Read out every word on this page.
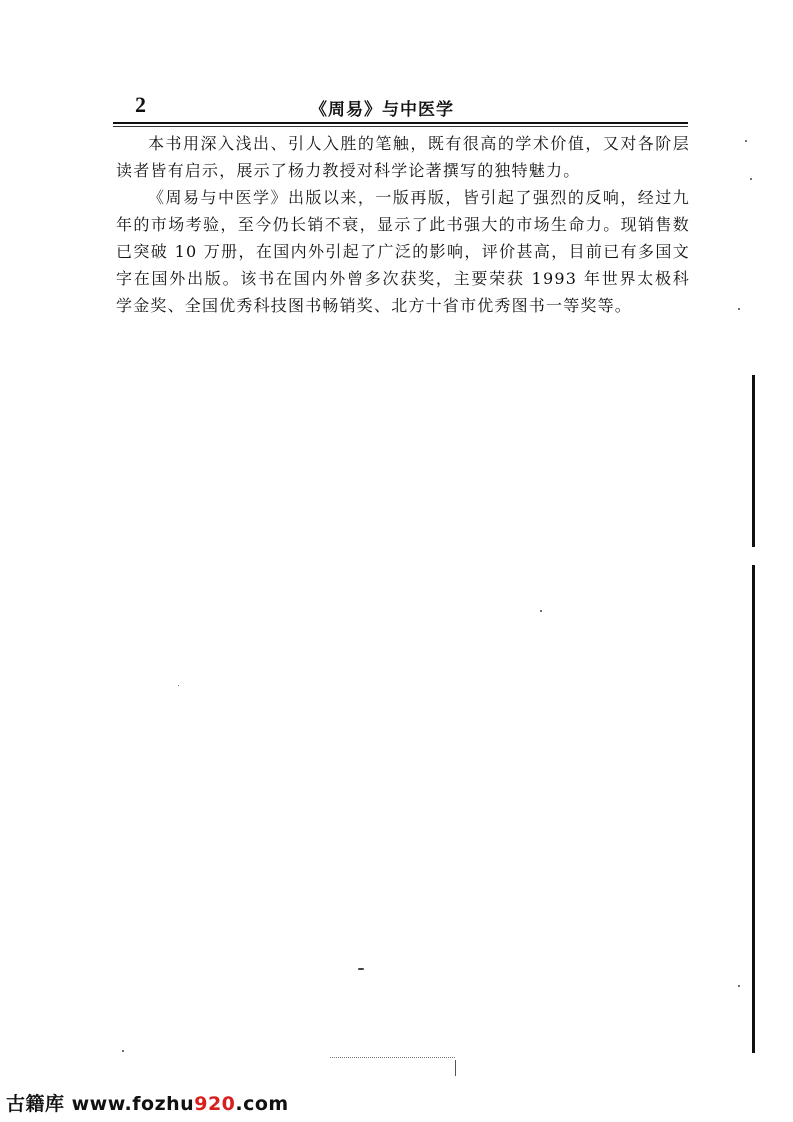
2	《周易》与中医学

本书用深入浅出、引人入胜的笔触，既有很高的学术价值，又对各阶层读者皆有启示，展示了杨力教授对科学论著撰写的独特魅力。

《周易与中医学》出版以来，一版再版，皆引起了强烈的反响，经过九年的市场考验，至今仍长销不衰，显示了此书强大的市场生命力。现销售数已突破 10 万册，在国内外引起了广泛的影响，评价甚高，目前已有多国文字在国外出版。该书在国内外曾多次获奖，主要荣获 1993 年世界太极科学金奖、全国优秀科技图书畅销奖、北方十省市优秀图书一等奖等。

古籍库 www.fozhu920.com
